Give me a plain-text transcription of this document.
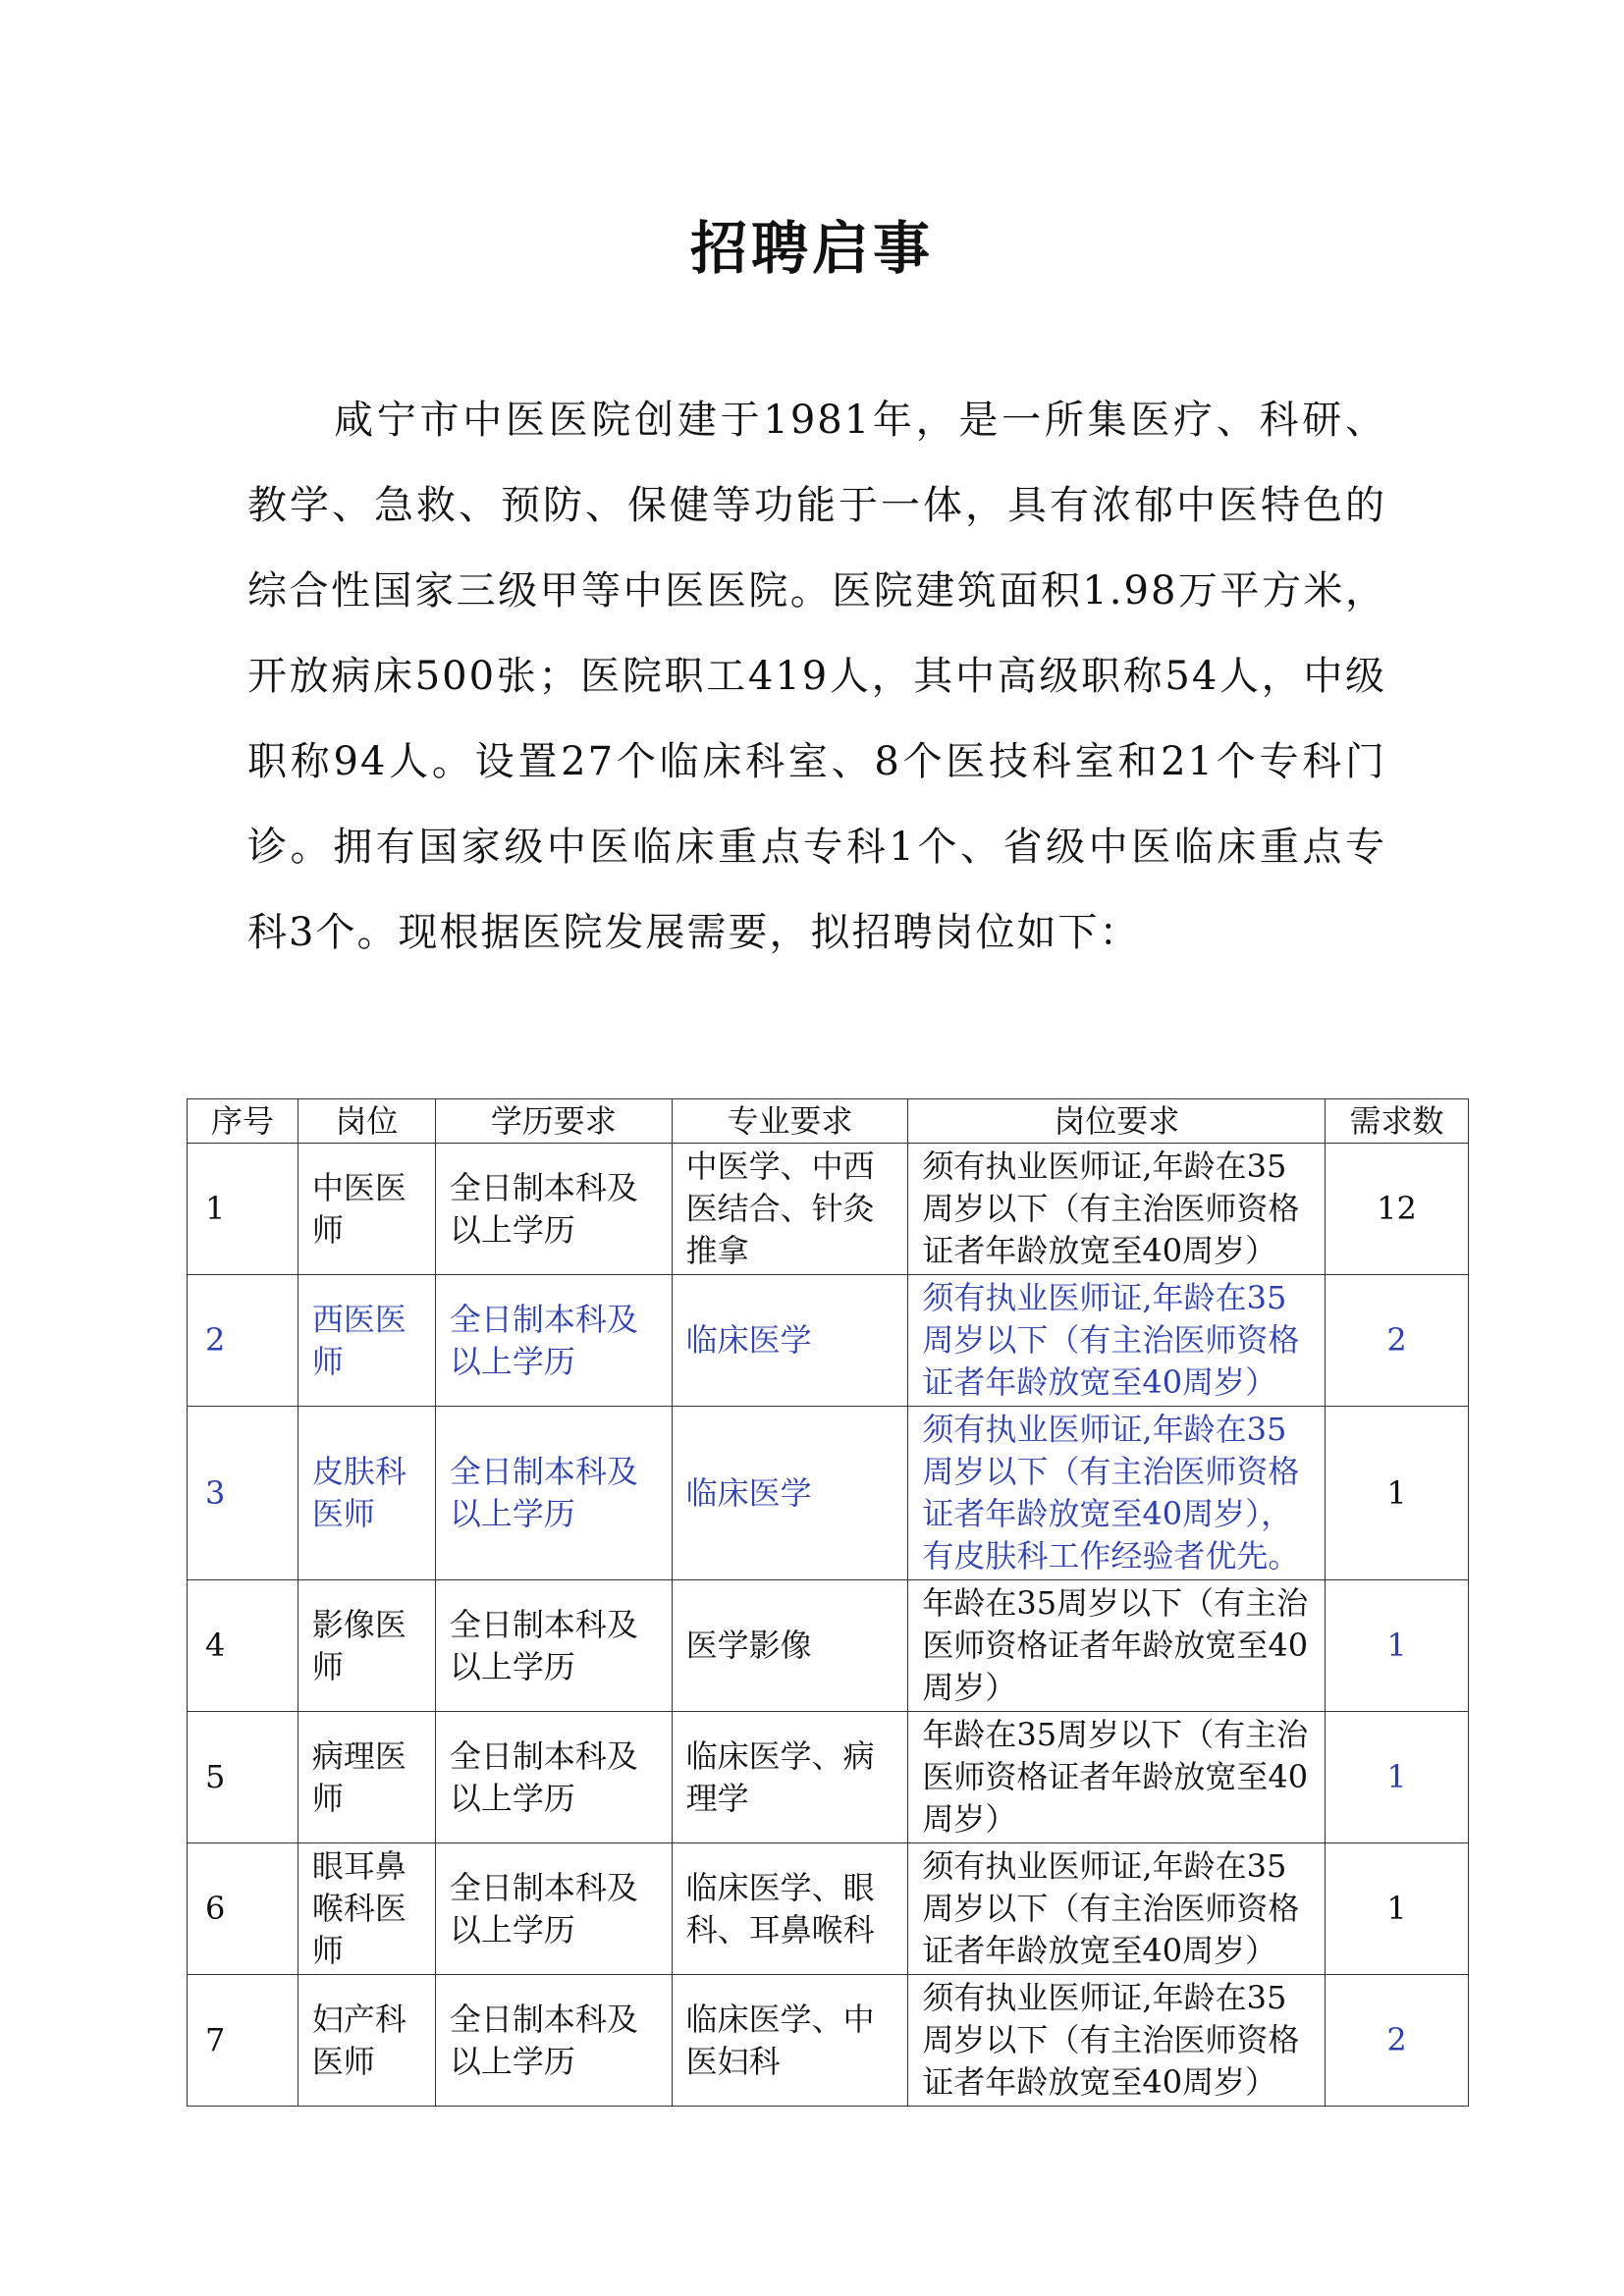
招聘启事

咸宁市中医医院创建于1981年，是一所集医疗、科研、教学、急救、预防、保健等功能于一体，具有浓郁中医特色的综合性国家三级甲等中医医院。医院建筑面积1.98万平方米，开放病床500张；医院职工419人，其中高级职称54人，中级职称94人。设置27个临床科室、8个医技科室和21个专科门诊。拥有国家级中医临床重点专科1个、省级中医临床重点专科3个。现根据医院发展需要，拟招聘岗位如下：

序号	岗位	学历要求	专业要求	岗位要求	需求数
1	中医医师	全日制本科及以上学历	中医学、中西医结合、针灸推拿	须有执业医师证,年龄在35周岁以下（有主治医师资格证者年龄放宽至40周岁）	12
2	西医医师	全日制本科及以上学历	临床医学	须有执业医师证,年龄在35周岁以下（有主治医师资格证者年龄放宽至40周岁）	2
3	皮肤科医师	全日制本科及以上学历	临床医学	须有执业医师证,年龄在35周岁以下（有主治医师资格证者年龄放宽至40周岁），有皮肤科工作经验者优先。	1
4	影像医师	全日制本科及以上学历	医学影像	年龄在35周岁以下（有主治医师资格证者年龄放宽至40周岁）	1
5	病理医师	全日制本科及以上学历	临床医学、病理学	年龄在35周岁以下（有主治医师资格证者年龄放宽至40周岁）	1
6	眼耳鼻喉科医师	全日制本科及以上学历	临床医学、眼科、耳鼻喉科	须有执业医师证,年龄在35周岁以下（有主治医师资格证者年龄放宽至40周岁）	1
7	妇产科医师	全日制本科及以上学历	临床医学、中医妇科	须有执业医师证,年龄在35周岁以下（有主治医师资格证者年龄放宽至40周岁）	2
